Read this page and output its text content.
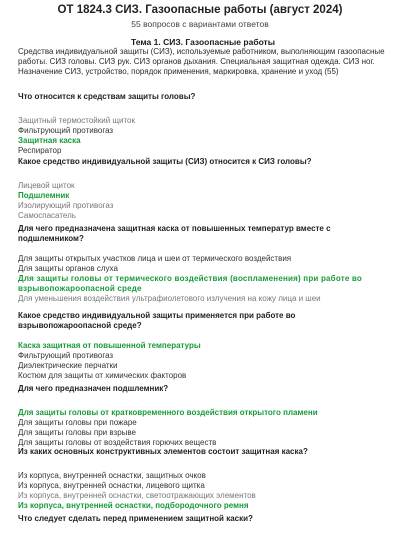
ОТ 1824.3 СИЗ. Газоопасные работы (август 2024)
55 вопросов с вариантами ответов
Тема 1. СИЗ. Газоопасные работы
Средства индивидуальной защиты (СИЗ), используемые работником, выполняющим газоопасные работы. СИЗ головы. СИЗ рук. СИЗ органов дыхания. Специальная защитная одежда. СИЗ ног. Назначение СИЗ, устройство, порядок применения, маркировка, хранение и уход (55)
Что относится к средствам защиты головы?
Защитный термостойкий щиток
Фильтрующий противогаз
Защитная каска
Респиратор
Какое средство индивидуальной защиты (СИЗ) относится к СИЗ головы?
Лицевой щиток
Подшлемник
Изолирующий противогаз
Самоспасатель
Для чего предназначена защитная каска от повышенных температур вместе с подшлемником?
Для защиты открытых участков лица и шеи от термического воздействия
Для защиты органов слуха
Для защиты головы от термического воздействия (воспламенения) при работе во взрывопожароопасной среде
Для уменьшения воздействия ультрафиолетового излучения на кожу лица и шеи
Какое средство индивидуальной защиты применяется при работе во взрывопожароопасной среде?
Каска защитная от повышенной температуры
Фильтрующий противогаз
Диэлектрические перчатки
Костюм для защиты от химических факторов
Для чего предназначен подшлемник?
Для защиты головы от кратковременного воздействия открытого пламени
Для защиты головы при пожаре
Для защиты головы при взрыве
Для защиты головы от воздействия горючих веществ
Из каких основных конструктивных элементов состоит защитная каска?
Из корпуса, внутренней оснастки, защитных очков
Из корпуса, внутренней оснастки, лицевого щитка
Из корпуса, внутренней оснастки, светоотражающих элементов
Из корпуса, внутренней оснастки, подбородочного ремня
Что следует сделать перед применением защитной каски?
